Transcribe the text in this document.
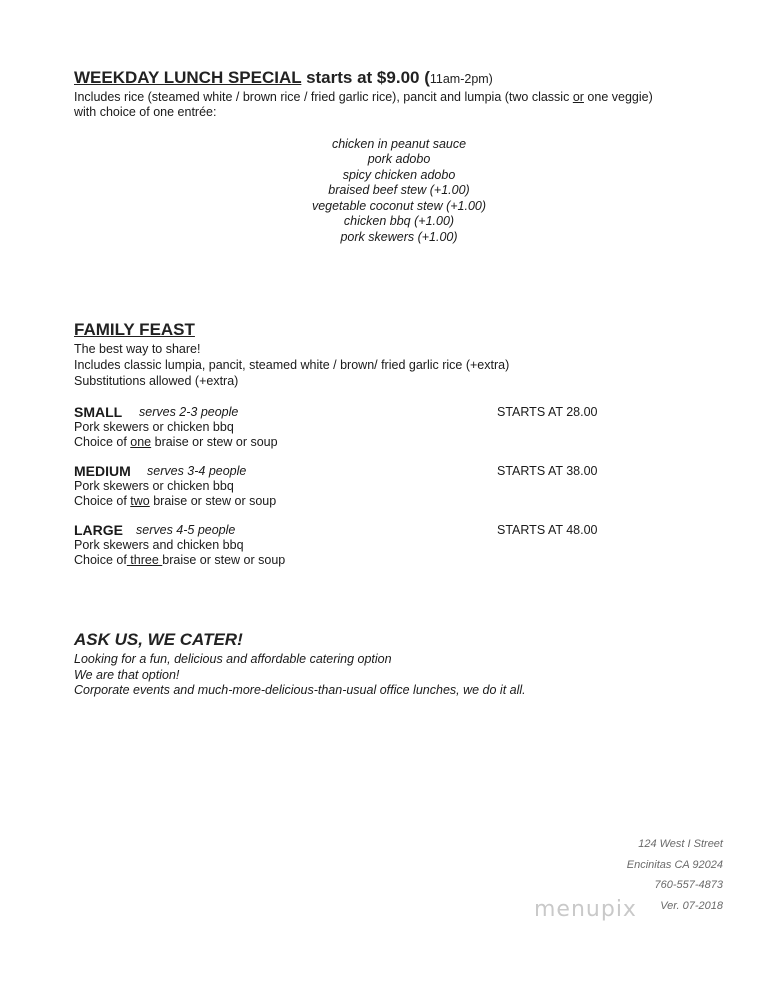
WEEKDAY LUNCH SPECIAL starts at $9.00 (11am-2pm)
Includes rice (steamed white / brown rice / fried garlic rice), pancit and lumpia (two classic or one veggie)
with choice of one entrée:
chicken in peanut sauce
pork adobo
spicy chicken adobo
braised beef stew (+1.00)
vegetable coconut stew (+1.00)
chicken bbq (+1.00)
pork skewers (+1.00)
FAMILY FEAST
The best way to share!
Includes classic lumpia, pancit, steamed white / brown/ fried garlic rice (+extra)
Substitutions allowed (+extra)
SMALL serves 2-3 people	STARTS AT 28.00
Pork skewers or chicken bbq
Choice of one braise or stew or soup
MEDIUM serves 3-4 people	STARTS AT 38.00
Pork skewers or chicken bbq
Choice of two braise or stew or soup
LARGE serves 4-5 people	STARTS AT 48.00
Pork skewers and chicken bbq
Choice of three braise or stew or soup
ASK US, WE CATER!
Looking for a fun, delicious and affordable catering option
We are that option!
Corporate events and much-more-delicious-than-usual office lunches, we do it all.
124 West I Street
Encinitas CA 92024
760-557-4873
Ver. 07-2018
menupix
